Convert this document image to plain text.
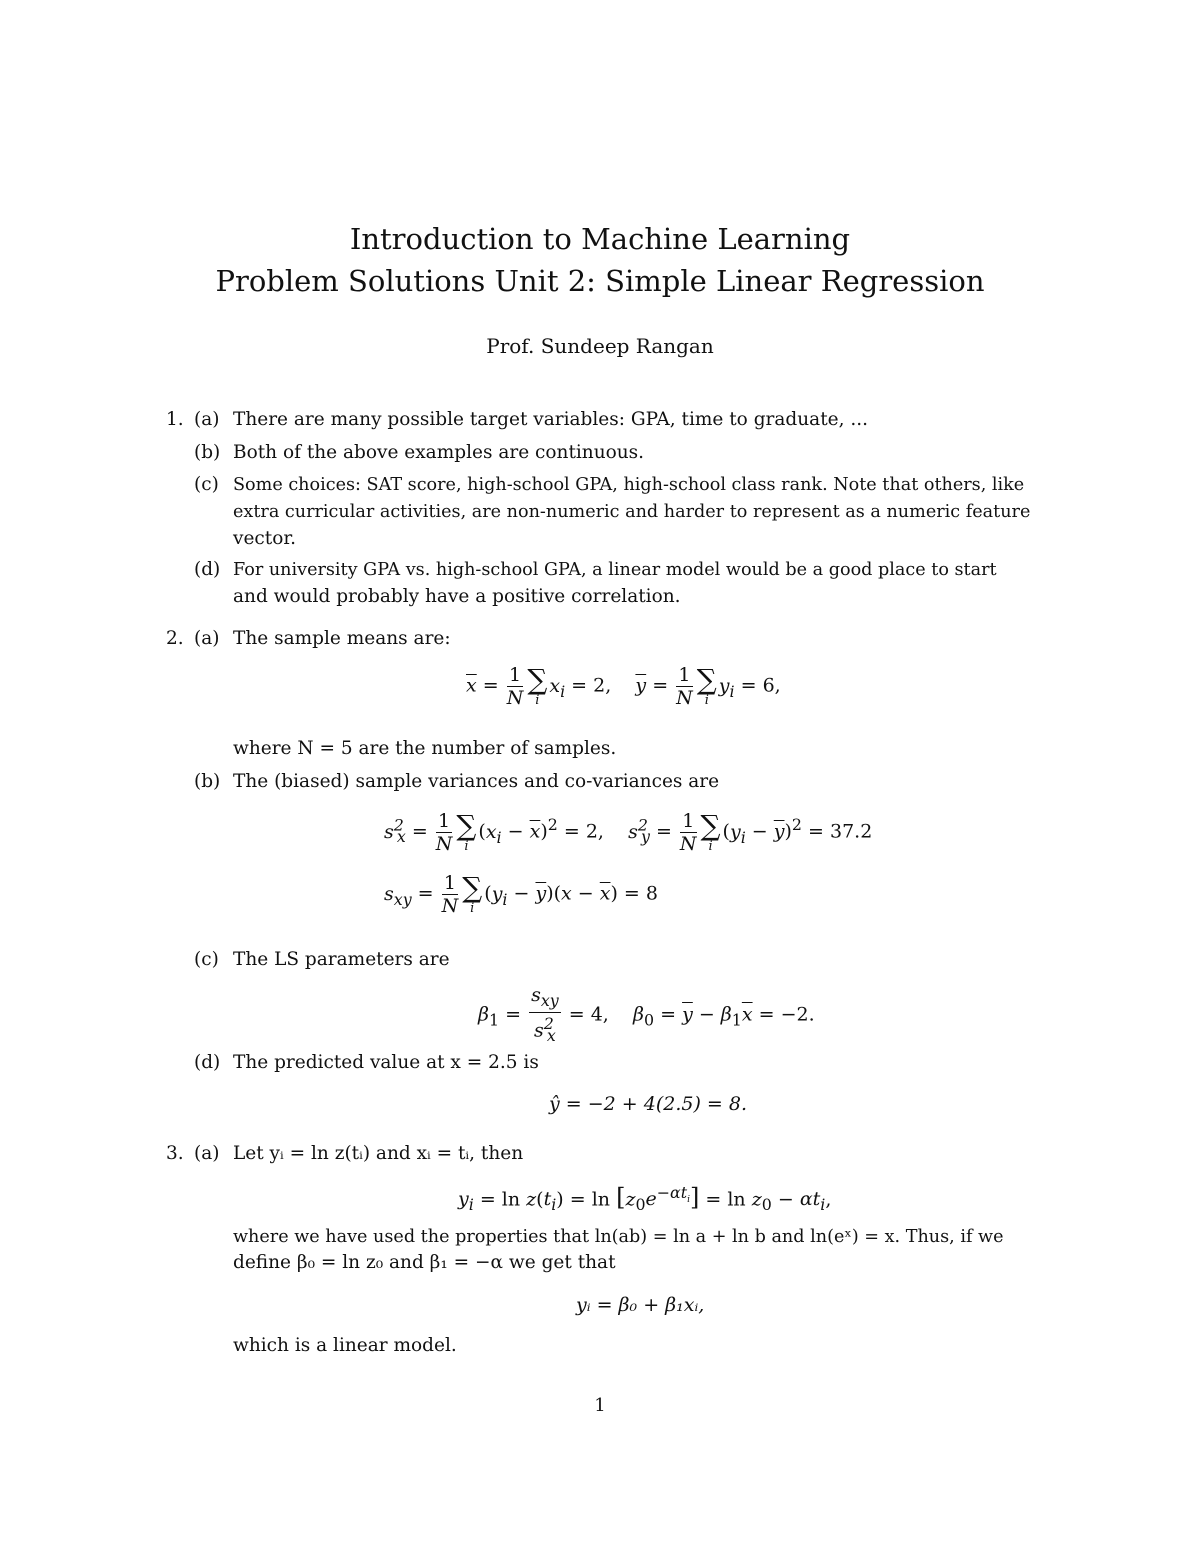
Introduction to Machine Learning
Problem Solutions Unit 2: Simple Linear Regression
Prof. Sundeep Rangan
1. (a) There are many possible target variables: GPA, time to graduate, ...
(b) Both of the above examples are continuous.
(c) Some choices: SAT score, high-school GPA, high-school class rank. Note that others, like
extra curricular activities, are non-numeric and harder to represent as a numeric feature
vector.
(d) For university GPA vs. high-school GPA, a linear model would be a good place to start
and would probably have a positive correlation.
2. (a) The sample means are:
$\overline{x} = \frac{1}{N}$ ∑
i
$x_i = 2$,    $\overline{y} = \frac{1}{N}$ ∑
i
$y_i = 6$,
where N = 5 are the number of samples.
(b) The (biased) sample variances and co-variances are
$s^2_x = \frac{1}{N}$ ∑
i
$(x_i - \overline{x})^2 = 2$,    $s^2_y = \frac{1}{N}$ ∑
i
$(y_i - \overline{y})^2 = 37.2$
$s_{xy} = \frac{1}{N}$ ∑
i
$(y_i - \overline{y})(x - \overline{x}) = 8$
(c) The LS parameters are
$\beta_1 = \frac{s_{xy}}{s^2_x} = 4$,    $\beta_0 = \overline{y} - \beta_1\overline{x} = -2$.
(d) The predicted value at x = 2.5 is
ŷ = −2 + 4(2.5) = 8.
3. (a) Let yᵢ = ln z(tᵢ) and xᵢ = tᵢ, then
$y_i = \ln z(t_i) = \ln [z_0e^{-\alpha t_i}] = \ln z_0 - \alpha t_i$,
where we have used the properties that ln(ab) = ln a + ln b and ln(eˣ) = x. Thus, if we
define β₀ = ln z₀ and β₁ = −α we get that
yᵢ = β₀ + β₁xᵢ,
which is a linear model.
1
